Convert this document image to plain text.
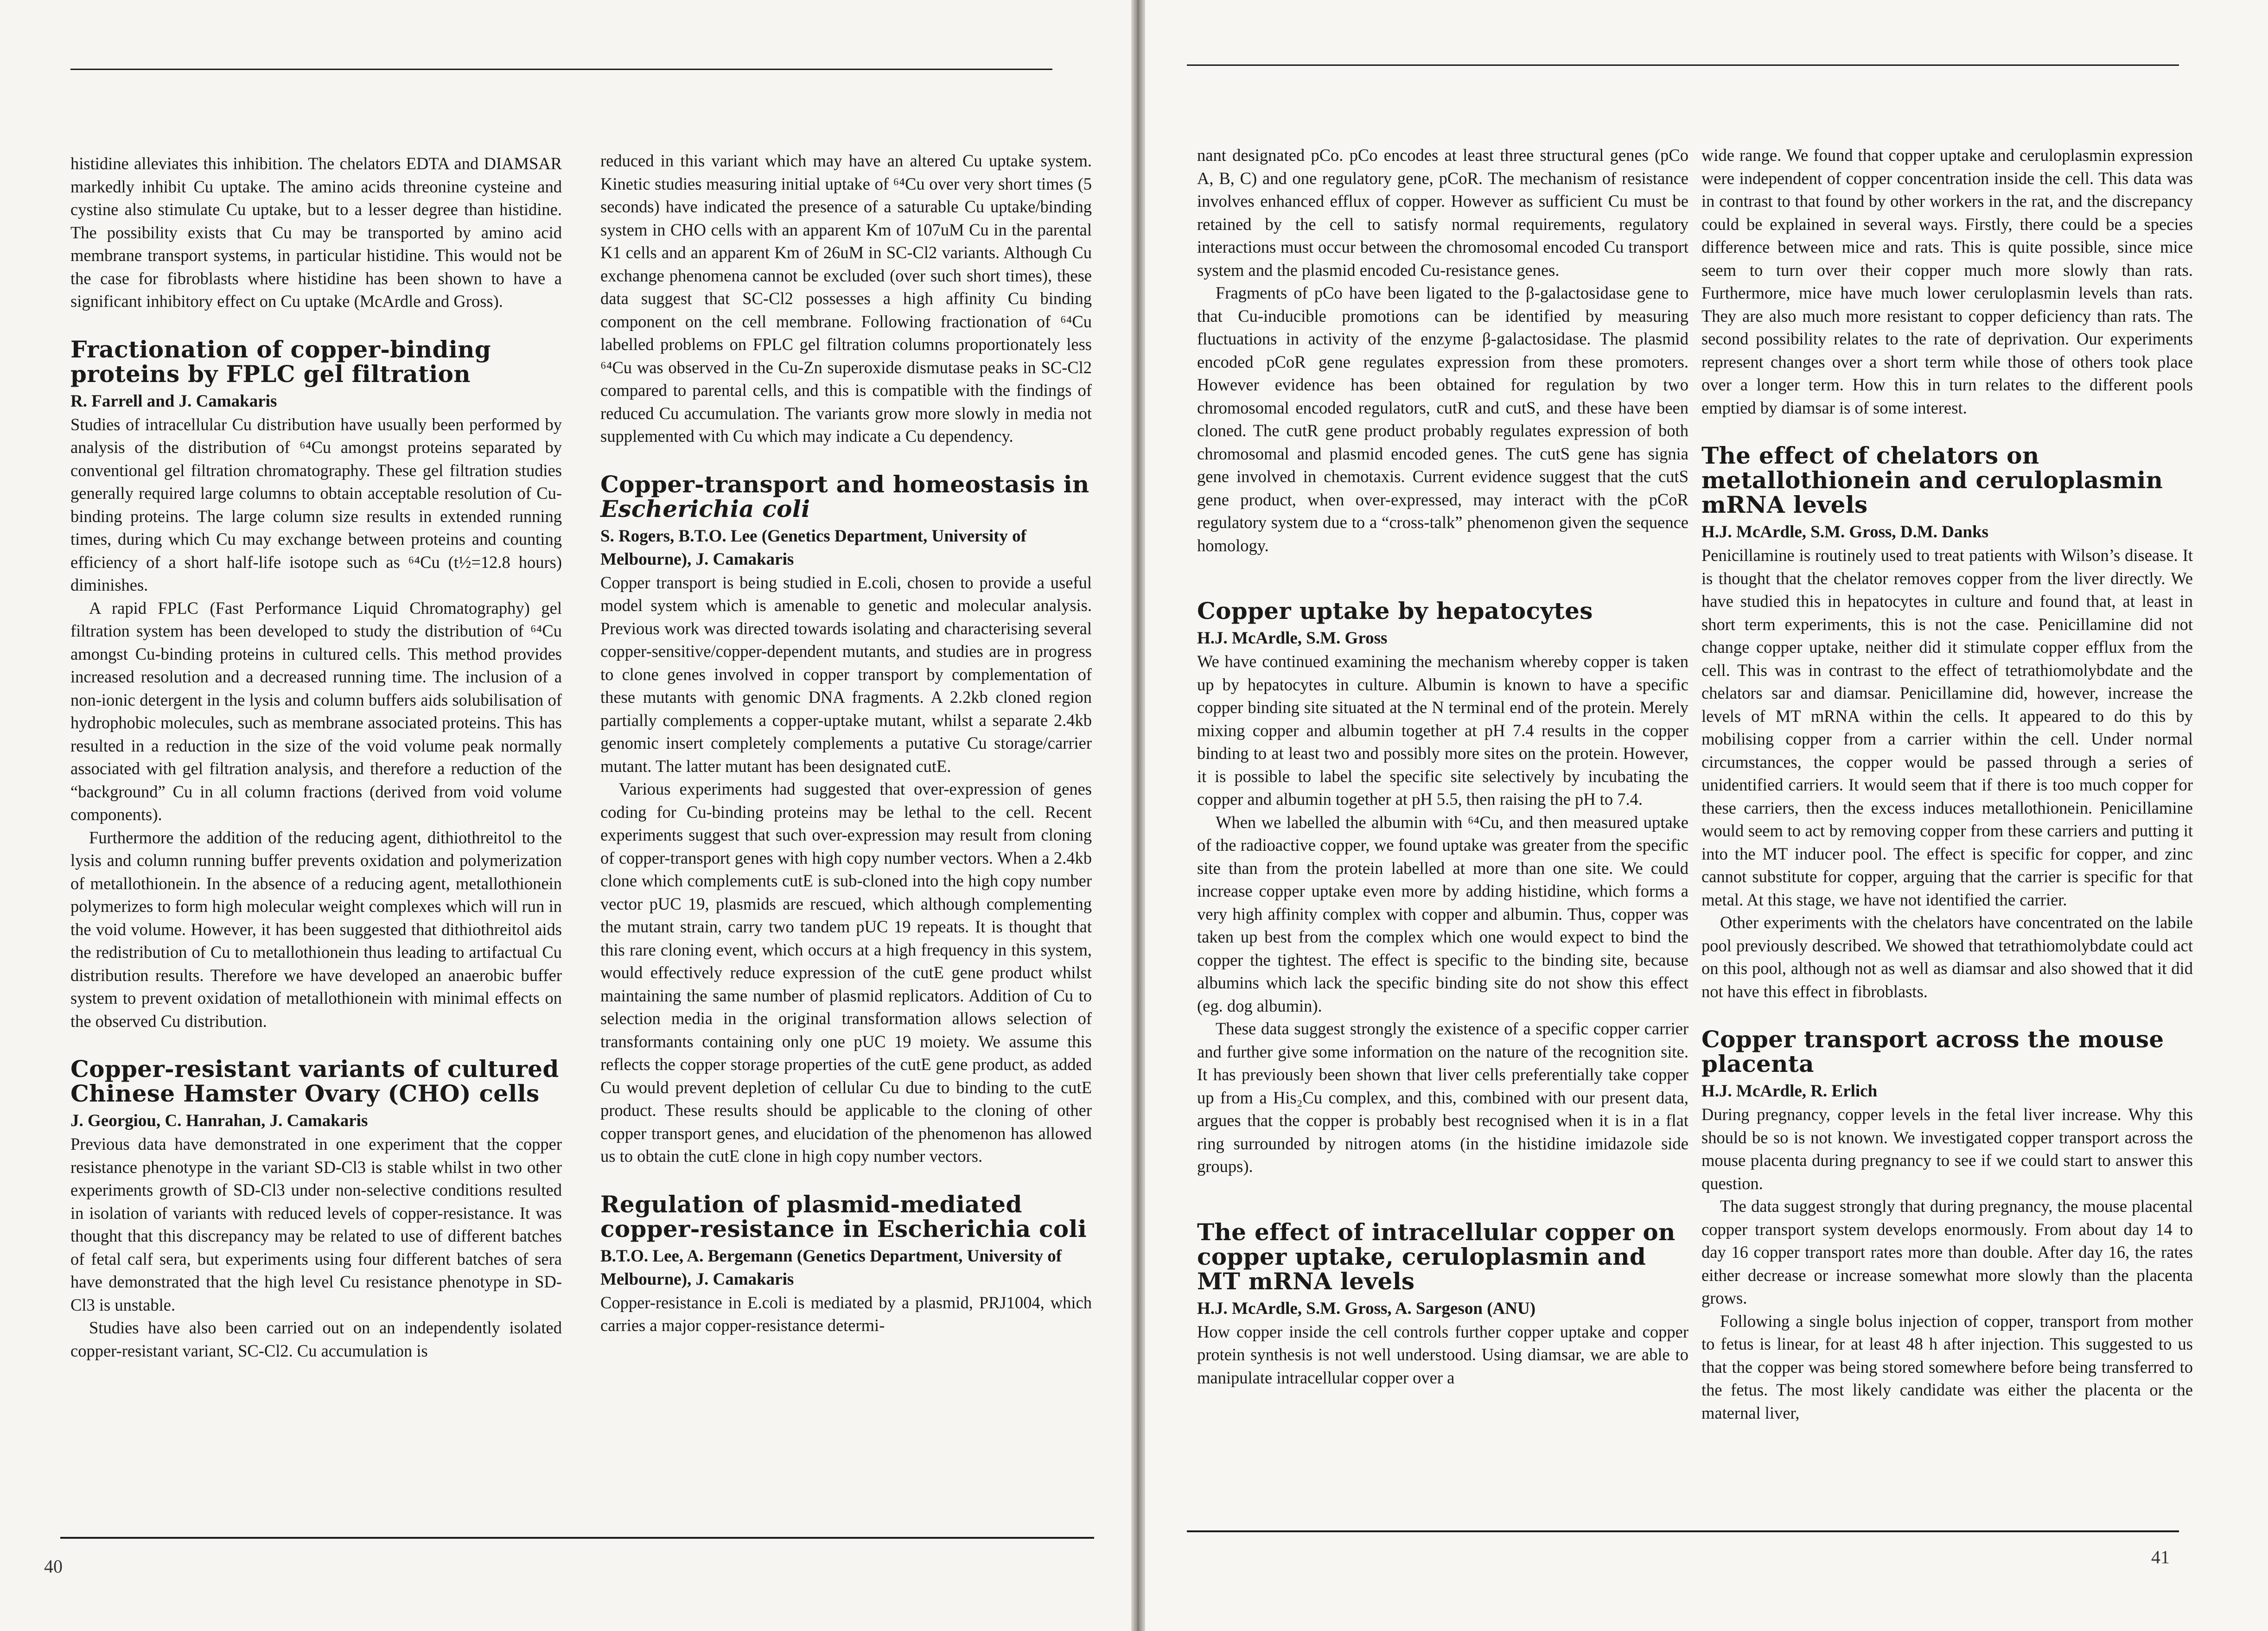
40	41

histidine alleviates this inhibition. The chelators EDTA and DIAMSAR markedly inhibit Cu uptake. The amino acids threonine cysteine and cystine also stimulate Cu uptake, but to a lesser degree than histidine. The possibility exists that Cu may be transported by amino acid membrane transport systems, in particular histidine. This would not be the case for fibroblasts where histidine has been shown to have a significant inhibitory effect on Cu uptake (McArdle and Gross).

Fractionation of copper-binding proteins by FPLC gel filtration

R. Farrell and J. Camakaris

Studies of intracellular Cu distribution have usually been performed by analysis of the distribution of ⁶⁴Cu amongst proteins separated by conventional gel filtration chromatography. These gel filtration studies generally required large columns to obtain acceptable resolution of Cu-binding proteins. The large column size results in extended running times, during which Cu may exchange between proteins and counting efficiency of a short half-life isotope such as ⁶⁴Cu (t½=12.8 hours) diminishes.

A rapid FPLC (Fast Performance Liquid Chromatography) gel filtration system has been developed to study the distribution of ⁶⁴Cu amongst Cu-binding proteins in cultured cells. This method provides increased resolution and a decreased running time. The inclusion of a non-ionic detergent in the lysis and column buffers aids solubilisation of hydrophobic molecules, such as membrane associated proteins. This has resulted in a reduction in the size of the void volume peak normally associated with gel filtration analysis, and therefore a reduction of the “background” Cu in all column fractions (derived from void volume components).

Furthermore the addition of the reducing agent, dithiothreitol to the lysis and column running buffer prevents oxidation and polymerization of metallothionein. In the absence of a reducing agent, metallothionein polymerizes to form high molecular weight complexes which will run in the void volume. However, it has been suggested that dithiothreitol aids the redistribution of Cu to metallothionein thus leading to artifactual Cu distribution results. Therefore we have developed an anaerobic buffer system to prevent oxidation of metallothionein with minimal effects on the observed Cu distribution.

Copper-resistant variants of cultured Chinese Hamster Ovary (CHO) cells

J. Georgiou, C. Hanrahan, J. Camakaris

Previous data have demonstrated in one experiment that the copper resistance phenotype in the variant SD-Cl3 is stable whilst in two other experiments growth of SD-Cl3 under non-selective conditions resulted in isolation of variants with reduced levels of copper-resistance. It was thought that this discrepancy may be related to use of different batches of fetal calf sera, but experiments using four different batches of sera have demonstrated that the high level Cu resistance phenotype in SD-Cl3 is unstable.

Studies have also been carried out on an independently isolated copper-resistant variant, SC-Cl2. Cu accumulation is

reduced in this variant which may have an altered Cu uptake system. Kinetic studies measuring initial uptake of ⁶⁴Cu over very short times (5 seconds) have indicated the presence of a saturable Cu uptake/binding system in CHO cells with an apparent Km of 107uM Cu in the parental K1 cells and an apparent Km of 26uM in SC-Cl2 variants. Although Cu exchange phenomena cannot be excluded (over such short times), these data suggest that SC-Cl2 possesses a high affinity Cu binding component on the cell membrane. Following fractionation of ⁶⁴Cu labelled problems on FPLC gel filtration columns proportionately less ⁶⁴Cu was observed in the Cu-Zn superoxide dismutase peaks in SC-Cl2 compared to parental cells, and this is compatible with the findings of reduced Cu accumulation. The variants grow more slowly in media not supplemented with Cu which may indicate a Cu dependency.

Copper-transport and homeostasis in Escherichia coli

S. Rogers, B.T.O. Lee (Genetics Department, University of Melbourne), J. Camakaris

Copper transport is being studied in E.coli, chosen to provide a useful model system which is amenable to genetic and molecular analysis. Previous work was directed towards isolating and characterising several copper-sensitive/copper-dependent mutants, and studies are in progress to clone genes involved in copper transport by complementation of these mutants with genomic DNA fragments. A 2.2kb cloned region partially complements a copper-uptake mutant, whilst a separate 2.4kb genomic insert completely complements a putative Cu storage/carrier mutant. The latter mutant has been designated cutE.

Various experiments had suggested that over-expression of genes coding for Cu-binding proteins may be lethal to the cell. Recent experiments suggest that such over-expression may result from cloning of copper-transport genes with high copy number vectors. When a 2.4kb clone which complements cutE is sub-cloned into the high copy number vector pUC 19, plasmids are rescued, which although complementing the mutant strain, carry two tandem pUC 19 repeats. It is thought that this rare cloning event, which occurs at a high frequency in this system, would effectively reduce expression of the cutE gene product whilst maintaining the same number of plasmid replicators. Addition of Cu to selection media in the original transformation allows selection of transformants containing only one pUC 19 moiety. We assume this reflects the copper storage properties of the cutE gene product, as added Cu would prevent depletion of cellular Cu due to binding to the cutE product. These results should be applicable to the cloning of other copper transport genes, and elucidation of the phenomenon has allowed us to obtain the cutE clone in high copy number vectors.

Regulation of plasmid-mediated copper-resistance in Escherichia coli

B.T.O. Lee, A. Bergemann (Genetics Department, University of Melbourne), J. Camakaris

Copper-resistance in E.coli is mediated by a plasmid, PRJ1004, which carries a major copper-resistance determi-

nant designated pCo. pCo encodes at least three structural genes (pCo A, B, C) and one regulatory gene, pCoR. The mechanism of resistance involves enhanced efflux of copper. However as sufficient Cu must be retained by the cell to satisfy normal requirements, regulatory interactions must occur between the chromosomal encoded Cu transport system and the plasmid encoded Cu-resistance genes.

Fragments of pCo have been ligated to the β-galactosidase gene to that Cu-inducible promotions can be identified by measuring fluctuations in activity of the enzyme β-galactosidase. The plasmid encoded pCoR gene regulates expression from these promoters. However evidence has been obtained for regulation by two chromosomal encoded regulators, cutR and cutS, and these have been cloned. The cutR gene product probably regulates expression of both chromosomal and plasmid encoded genes. The cutS gene has signia gene involved in chemotaxis. Current evidence suggest that the cutS gene product, when over-expressed, may interact with the pCoR regulatory system due to a “cross-talk” phenomenon given the sequence homology.

Copper uptake by hepatocytes

H.J. McArdle, S.M. Gross

We have continued examining the mechanism whereby copper is taken up by hepatocytes in culture. Albumin is known to have a specific copper binding site situated at the N terminal end of the protein. Merely mixing copper and albumin together at pH 7.4 results in the copper binding to at least two and possibly more sites on the protein. However, it is possible to label the specific site selectively by incubating the copper and albumin together at pH 5.5, then raising the pH to 7.4.

When we labelled the albumin with ⁶⁴Cu, and then measured uptake of the radioactive copper, we found uptake was greater from the specific site than from the protein labelled at more than one site. We could increase copper uptake even more by adding histidine, which forms a very high affinity complex with copper and albumin. Thus, copper was taken up best from the complex which one would expect to bind the copper the tightest. The effect is specific to the binding site, because albumins which lack the specific binding site do not show this effect (eg. dog albumin).

These data suggest strongly the existence of a specific copper carrier and further give some information on the nature of the recognition site. It has previously been shown that liver cells preferentially take copper up from a His₂Cu complex, and this, combined with our present data, argues that the copper is probably best recognised when it is in a flat ring surrounded by nitrogen atoms (in the histidine imidazole side groups).

The effect of intracellular copper on copper uptake, ceruloplasmin and MT mRNA levels

H.J. McArdle, S.M. Gross, A. Sargeson (ANU)

How copper inside the cell controls further copper uptake and copper protein synthesis is not well understood. Using diamsar, we are able to manipulate intracellular copper over a

wide range. We found that copper uptake and ceruloplasmin expression were independent of copper concentration inside the cell. This data was in contrast to that found by other workers in the rat, and the discrepancy could be explained in several ways. Firstly, there could be a species difference between mice and rats. This is quite possible, since mice seem to turn over their copper much more slowly than rats. Furthermore, mice have much lower ceruloplasmin levels than rats. They are also much more resistant to copper deficiency than rats. The second possibility relates to the rate of deprivation. Our experiments represent changes over a short term while those of others took place over a longer term. How this in turn relates to the different pools emptied by diamsar is of some interest.

The effect of chelators on metallothionein and ceruloplasmin mRNA levels

H.J. McArdle, S.M. Gross, D.M. Danks

Penicillamine is routinely used to treat patients with Wilson’s disease. It is thought that the chelator removes copper from the liver directly. We have studied this in hepatocytes in culture and found that, at least in short term experiments, this is not the case. Penicillamine did not change copper uptake, neither did it stimulate copper efflux from the cell. This was in contrast to the effect of tetrathiomolybdate and the chelators sar and diamsar. Penicillamine did, however, increase the levels of MT mRNA within the cells. It appeared to do this by mobilising copper from a carrier within the cell. Under normal circumstances, the copper would be passed through a series of unidentified carriers. It would seem that if there is too much copper for these carriers, then the excess induces metallothionein. Penicillamine would seem to act by removing copper from these carriers and putting it into the MT inducer pool. The effect is specific for copper, and zinc cannot substitute for copper, arguing that the carrier is specific for that metal. At this stage, we have not identified the carrier.

Other experiments with the chelators have concentrated on the labile pool previously described. We showed that tetrathiomolybdate could act on this pool, although not as well as diamsar and also showed that it did not have this effect in fibroblasts.

Copper transport across the mouse placenta

H.J. McArdle, R. Erlich

During pregnancy, copper levels in the fetal liver increase. Why this should be so is not known. We investigated copper transport across the mouse placenta during pregnancy to see if we could start to answer this question.

The data suggest strongly that during pregnancy, the mouse placental copper transport system develops enormously. From about day 14 to day 16 copper transport rates more than double. After day 16, the rates either decrease or increase somewhat more slowly than the placenta grows.

Following a single bolus injection of copper, transport from mother to fetus is linear, for at least 48 h after injection. This suggested to us that the copper was being stored somewhere before being transferred to the fetus. The most likely candidate was either the placenta or the maternal liver,
